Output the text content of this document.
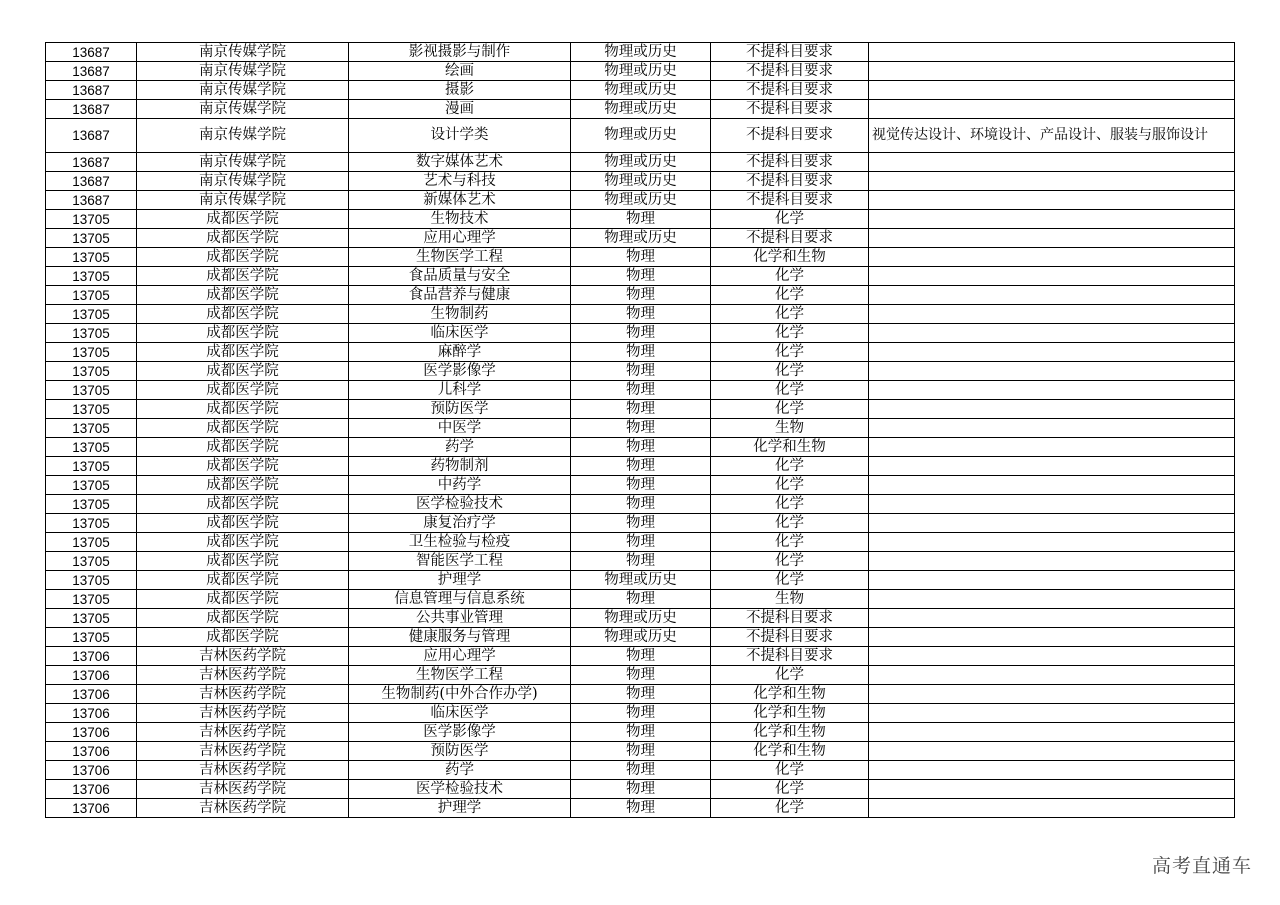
13687	南京传媒学院	影视摄影与制作	物理或历史	不提科目要求	
13687	南京传媒学院	绘画	物理或历史	不提科目要求	
13687	南京传媒学院	摄影	物理或历史	不提科目要求	
13687	南京传媒学院	漫画	物理或历史	不提科目要求	
13687	南京传媒学院	设计学类	物理或历史	不提科目要求	视觉传达设计、环境设计、产品设计、服装与服饰设计
13687	南京传媒学院	数字媒体艺术	物理或历史	不提科目要求	
13687	南京传媒学院	艺术与科技	物理或历史	不提科目要求	
13687	南京传媒学院	新媒体艺术	物理或历史	不提科目要求	
13705	成都医学院	生物技术	物理	化学	
13705	成都医学院	应用心理学	物理或历史	不提科目要求	
13705	成都医学院	生物医学工程	物理	化学和生物	
13705	成都医学院	食品质量与安全	物理	化学	
13705	成都医学院	食品营养与健康	物理	化学	
13705	成都医学院	生物制药	物理	化学	
13705	成都医学院	临床医学	物理	化学	
13705	成都医学院	麻醉学	物理	化学	
13705	成都医学院	医学影像学	物理	化学	
13705	成都医学院	儿科学	物理	化学	
13705	成都医学院	预防医学	物理	化学	
13705	成都医学院	中医学	物理	生物	
13705	成都医学院	药学	物理	化学和生物	
13705	成都医学院	药物制剂	物理	化学	
13705	成都医学院	中药学	物理	化学	
13705	成都医学院	医学检验技术	物理	化学	
13705	成都医学院	康复治疗学	物理	化学	
13705	成都医学院	卫生检验与检疫	物理	化学	
13705	成都医学院	智能医学工程	物理	化学	
13705	成都医学院	护理学	物理或历史	化学	
13705	成都医学院	信息管理与信息系统	物理	生物	
13705	成都医学院	公共事业管理	物理或历史	不提科目要求	
13705	成都医学院	健康服务与管理	物理或历史	不提科目要求	
13706	吉林医药学院	应用心理学	物理	不提科目要求	
13706	吉林医药学院	生物医学工程	物理	化学	
13706	吉林医药学院	生物制药(中外合作办学)	物理	化学和生物	
13706	吉林医药学院	临床医学	物理	化学和生物	
13706	吉林医药学院	医学影像学	物理	化学和生物	
13706	吉林医药学院	预防医学	物理	化学和生物	
13706	吉林医药学院	药学	物理	化学	
13706	吉林医药学院	医学检验技术	物理	化学	
13706	吉林医药学院	护理学	物理	化学	
高考直通车
